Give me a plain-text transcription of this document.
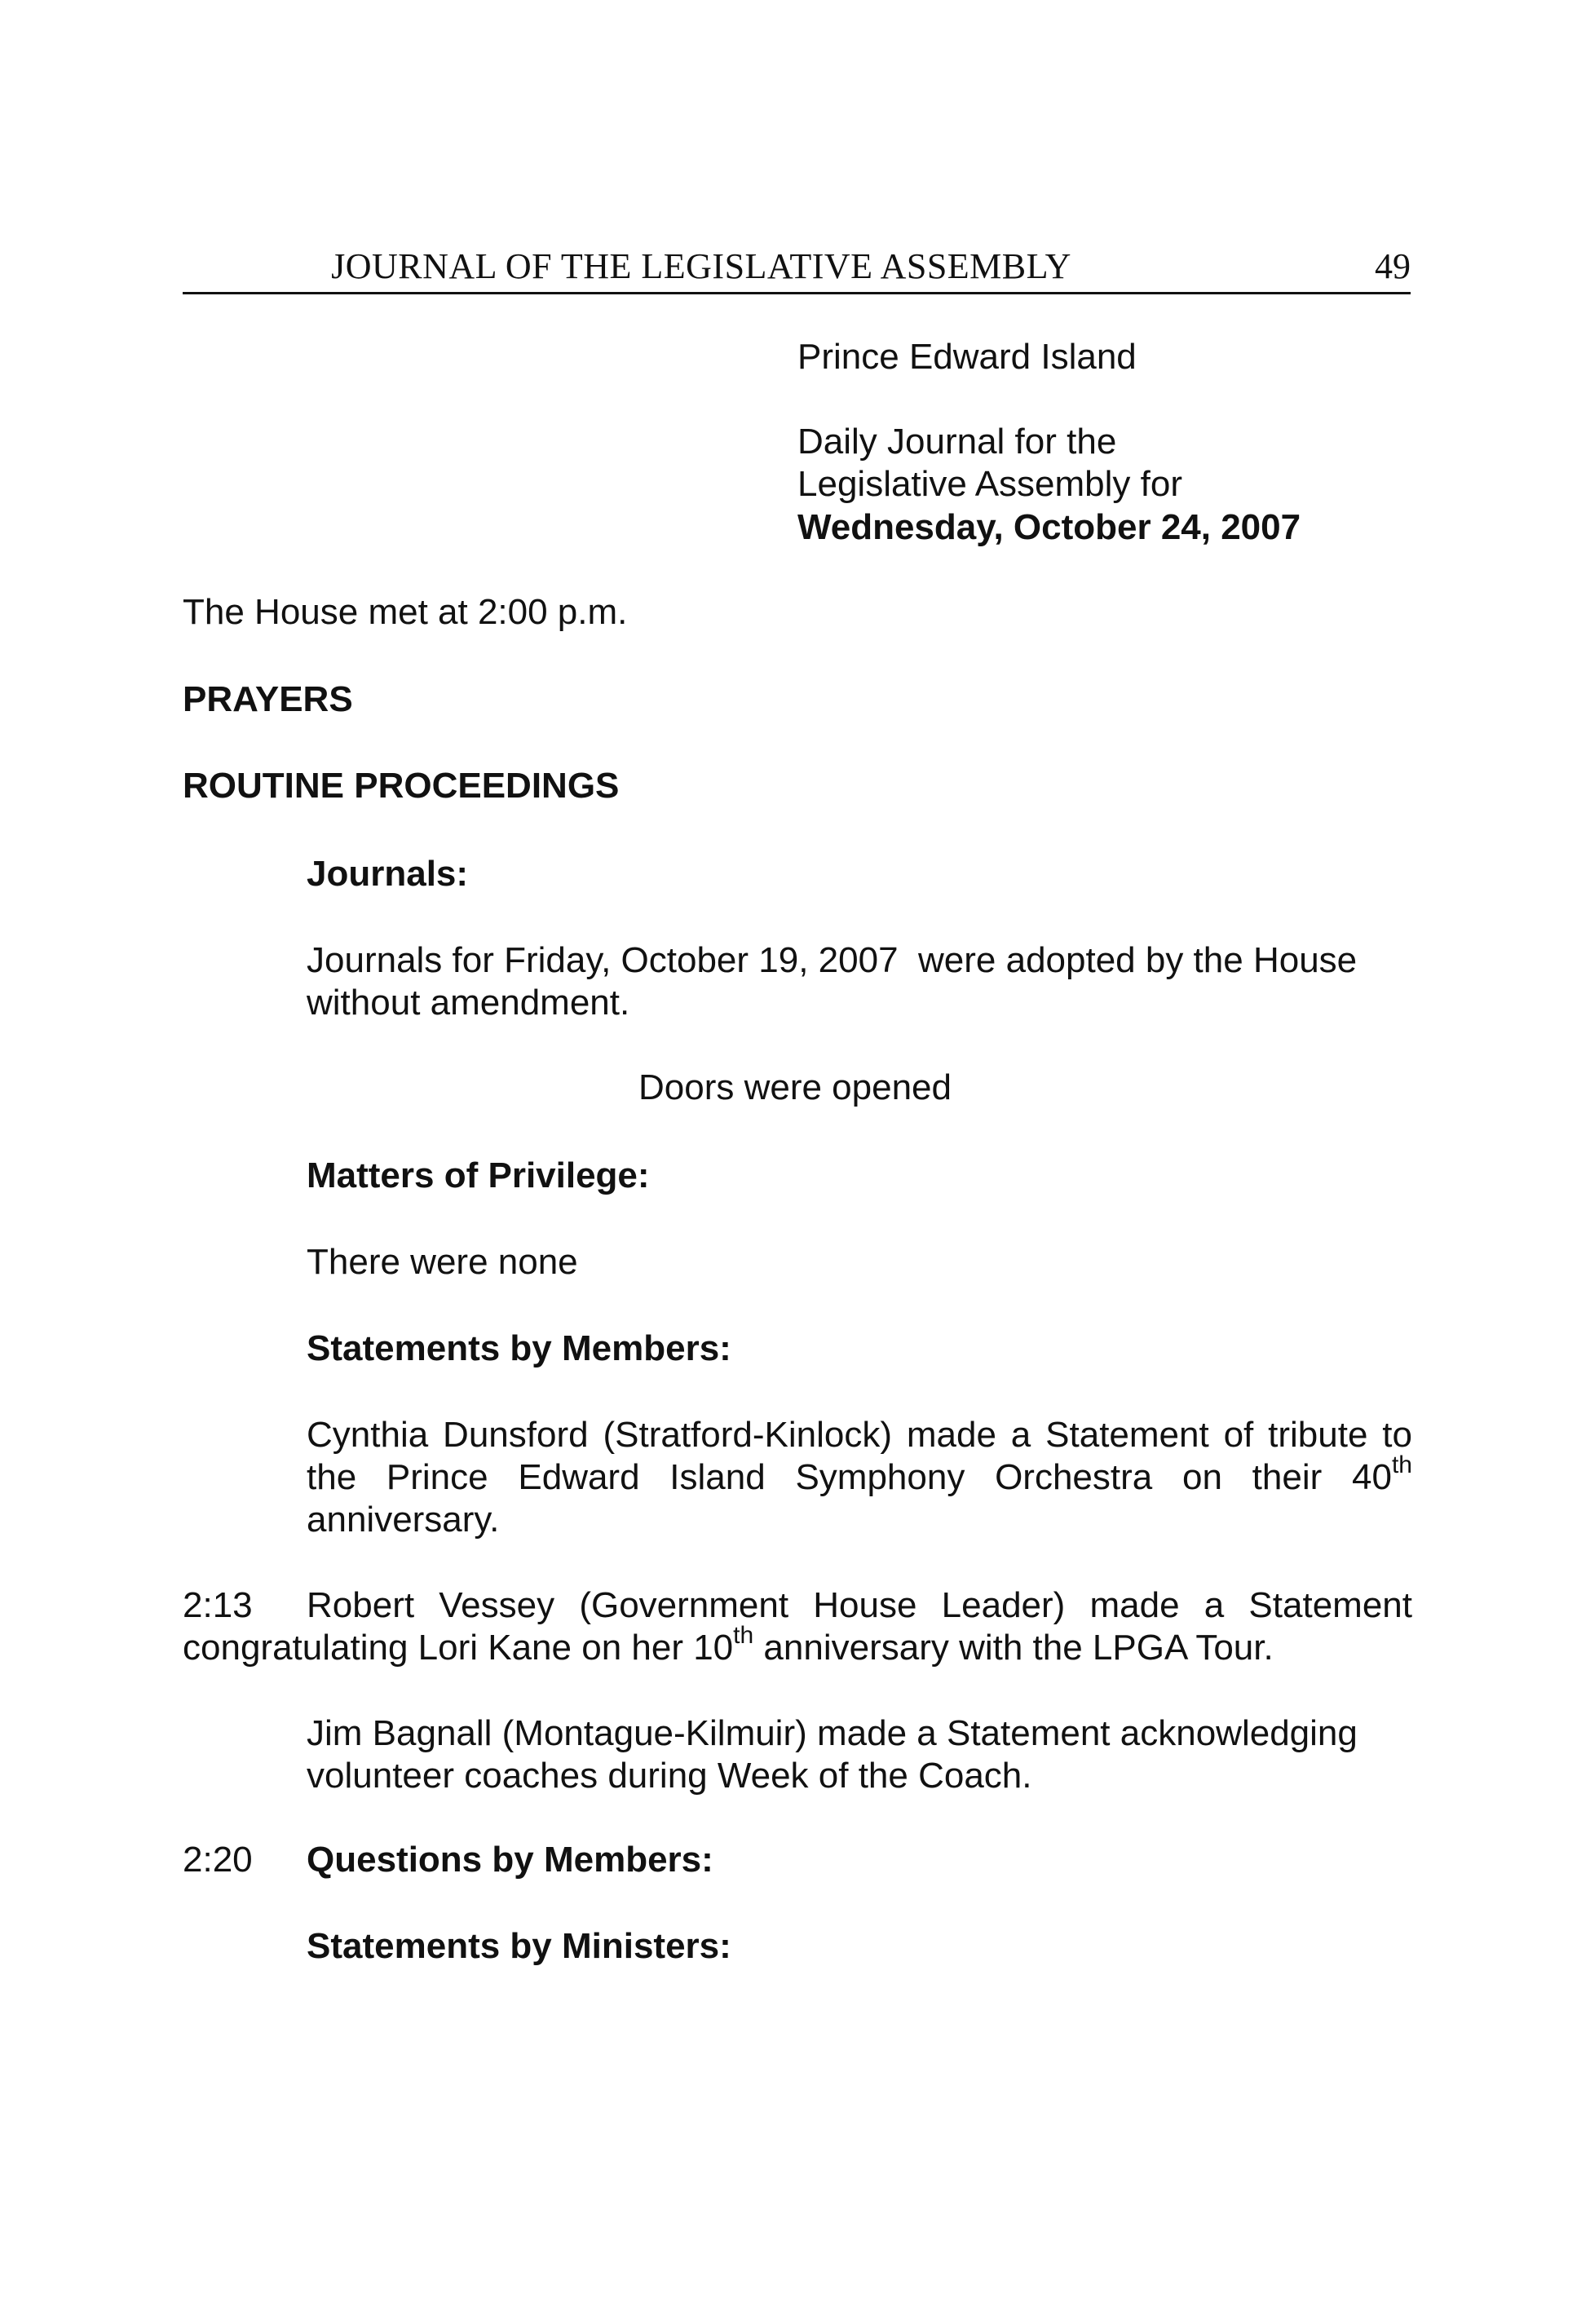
JOURNAL OF THE LEGISLATIVE ASSEMBLY	49
Prince Edward Island
Daily Journal for the
Legislative Assembly for
Wednesday, October 24, 2007
The House met at 2:00 p.m.
PRAYERS
ROUTINE PROCEEDINGS
Journals:
Journals for Friday, October 19, 2007  were adopted by the House without amendment.
Doors were opened
Matters of Privilege:
There were none
Statements by Members:
Cynthia Dunsford (Stratford-Kinlock) made a Statement of tribute to the Prince Edward Island Symphony Orchestra on their 40th anniversary.
2:13 Robert Vessey (Government House Leader) made a Statement congratulating Lori Kane on her 10th anniversary with the LPGA Tour.
Jim Bagnall (Montague-Kilmuir) made a Statement acknowledging volunteer coaches during Week of the Coach.
2:20 Questions by Members:
Statements by Ministers:
